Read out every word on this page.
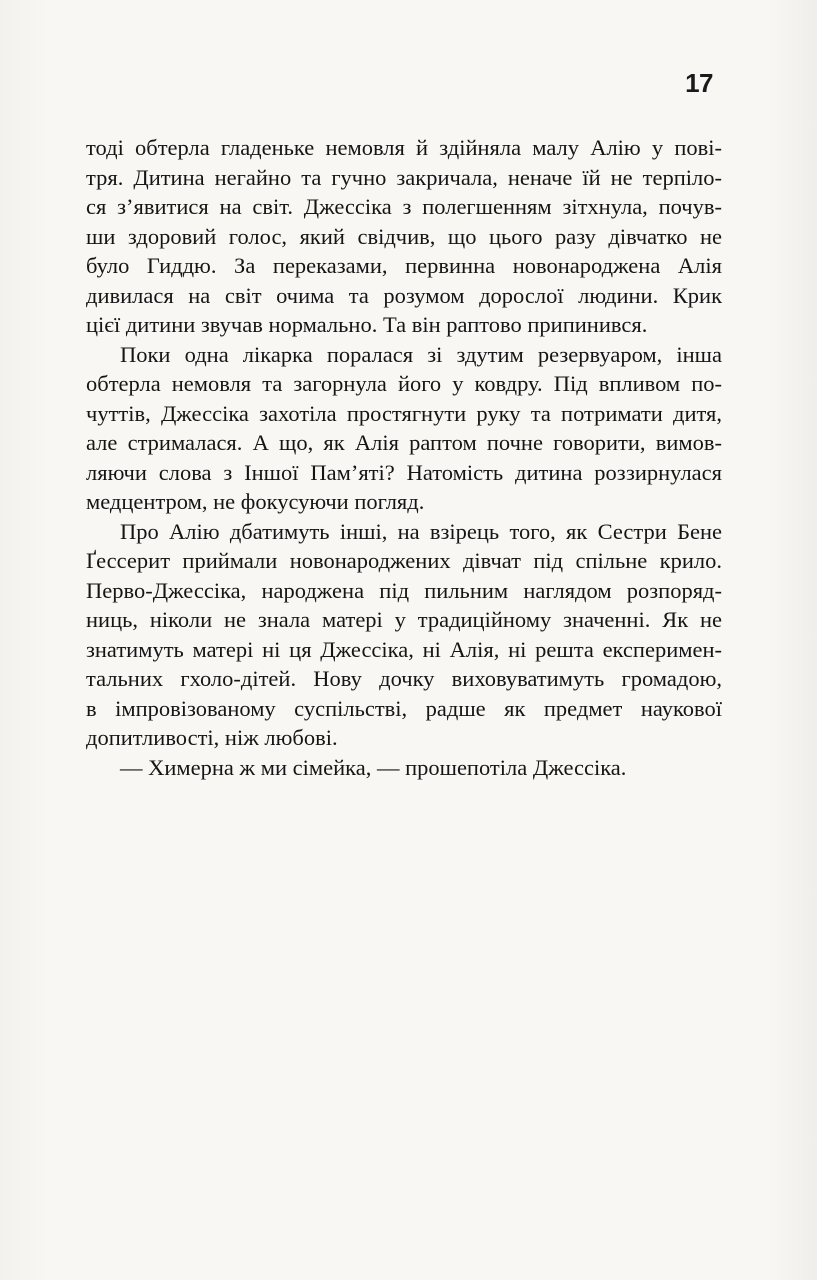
17

тоді обтерла гладеньке немовля й здійняла малу Алію у пові-
тря. Дитина негайно та гучно закричала, неначе їй не терпіло-
ся з’явитися на світ. Джессіка з полегшенням зітхнула, почув-
ши здоровий голос, який свідчив, що цього разу дівчатко не
було Гиддю. За переказами, первинна новонароджена Алія
дивилася на світ очима та розумом дорослої людини. Крик
цієї дитини звучав нормально. Та він раптово припинився.

Поки одна лікарка поралася зі здутим резервуаром, інша
обтерла немовля та загорнула його у ковдру. Під впливом по-
чуттів, Джессіка захотіла простягнути руку та потримати дитя,
але стрималася. А що, як Алія раптом почне говорити, вимов-
ляючи слова з Іншої Пам’яті? Натомість дитина роззирнулася
медцентром, не фокусуючи погляд.

Про Алію дбатимуть інші, на взірець того, як Сестри Бене
Ґессерит приймали новонароджених дівчат під спільне крило.
Перво-Джессіка, народжена під пильним наглядом розпоряд-
ниць, ніколи не знала матері у традиційному значенні. Як не
знатимуть матері ні ця Джессіка, ні Алія, ні решта експеримен-
тальних гхоло-дітей. Нову дочку виховуватимуть громадою,
в імпровізованому суспільстві, радше як предмет наукової
допитливості, ніж любові.

— Химерна ж ми сімейка, — прошепотіла Джессіка.
